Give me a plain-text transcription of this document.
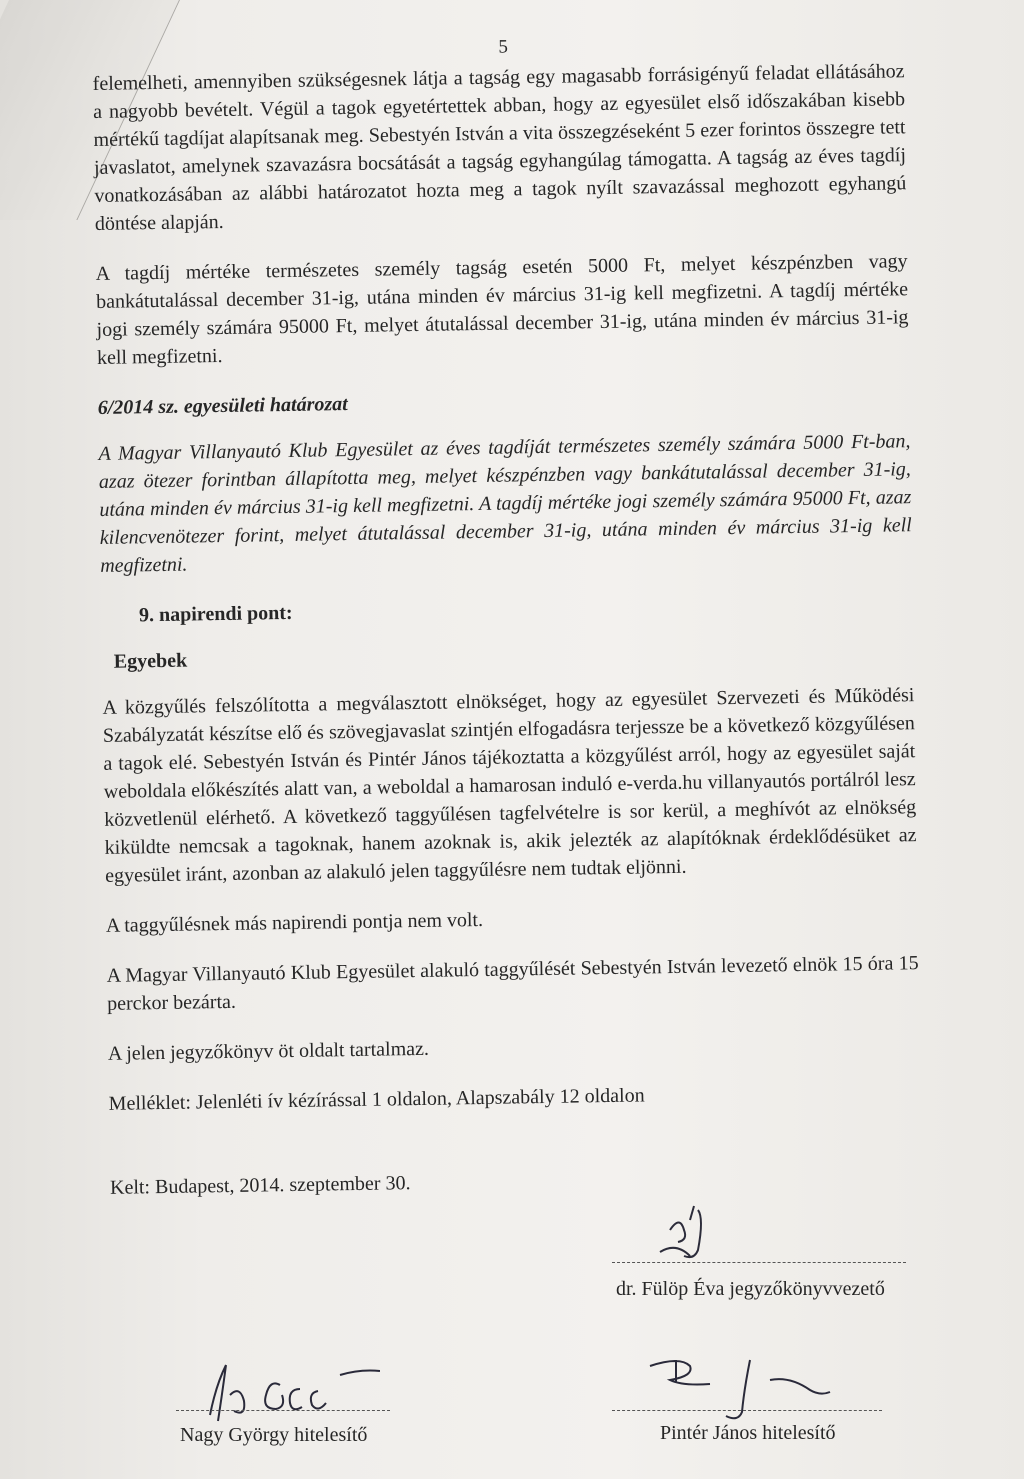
5

felemelheti, amennyiben szükségesnek látja a tagság egy magasabb forrásigényű feladat ellátásához a nagyobb bevételt. Végül a tagok egyetértettek abban, hogy az egyesület első időszakában kisebb mértékű tagdíjat alapítsanak meg. Sebestyén István a vita összegzéseként 5 ezer forintos összegre tett javaslatot, amelynek szavazásra bocsátását a tagság egyhangúlag támogatta. A tagság az éves tagdíj vonatkozásában az alábbi határozatot hozta meg a tagok nyílt szavazással meghozott egyhangú döntése alapján.

A tagdíj mértéke természetes személy tagság esetén 5000 Ft, melyet készpénzben vagy bankátutalással december 31-ig, utána minden év március 31-ig kell megfizetni. A tagdíj mértéke jogi személy számára 95000 Ft, melyet átutalással december 31-ig, utána minden év március 31-ig kell megfizetni.

6/2014 sz. egyesületi határozat

A Magyar Villanyautó Klub Egyesület az éves tagdíját természetes személy számára 5000 Ft-ban, azaz ötezer forintban állapította meg, melyet készpénzben vagy bankátutalással december 31-ig, utána minden év március 31-ig kell megfizetni. A tagdíj mértéke jogi személy számára 95000 Ft, azaz kilencvenötezer forint, melyet átutalással december 31-ig, utána minden év március 31-ig kell megfizetni.

9. napirendi pont:
Egyebek

A közgyűlés felszólította a megválasztott elnökséget, hogy az egyesület Szervezeti és Működési Szabályzatát készítse elő és szövegjavaslat szintjén elfogadásra terjessze be a következő közgyűlésen a tagok elé. Sebestyén István és Pintér János tájékoztatta a közgyűlést arról, hogy az egyesület saját weboldala előkészítés alatt van, a weboldal a hamarosan induló e-verda.hu villanyautós portálról lesz közvetlenül elérhető. A következő taggyűlésen tagfelvételre is sor kerül, a meghívót az elnökség kiküldte nemcsak a tagoknak, hanem azoknak is, akik jelezték az alapítóknak érdeklődésüket az egyesület iránt, azonban az alakuló jelen taggyűlésre nem tudtak eljönni.

A taggyűlésnek más napirendi pontja nem volt.

A Magyar Villanyautó Klub Egyesület alakuló taggyűlését Sebestyén István levezető elnök 15 óra 15 perckor bezárta.

A jelen jegyzőkönyv öt oldalt tartalmaz.

Melléklet: Jelenléti ív kézírással 1 oldalon, Alapszabály 12 oldalon

Kelt: Budapest, 2014. szeptember 30.

dr. Fülöp Éva jegyzőkönyvvezető
Nagy György hitelesítő	Pintér János hitelesítő
